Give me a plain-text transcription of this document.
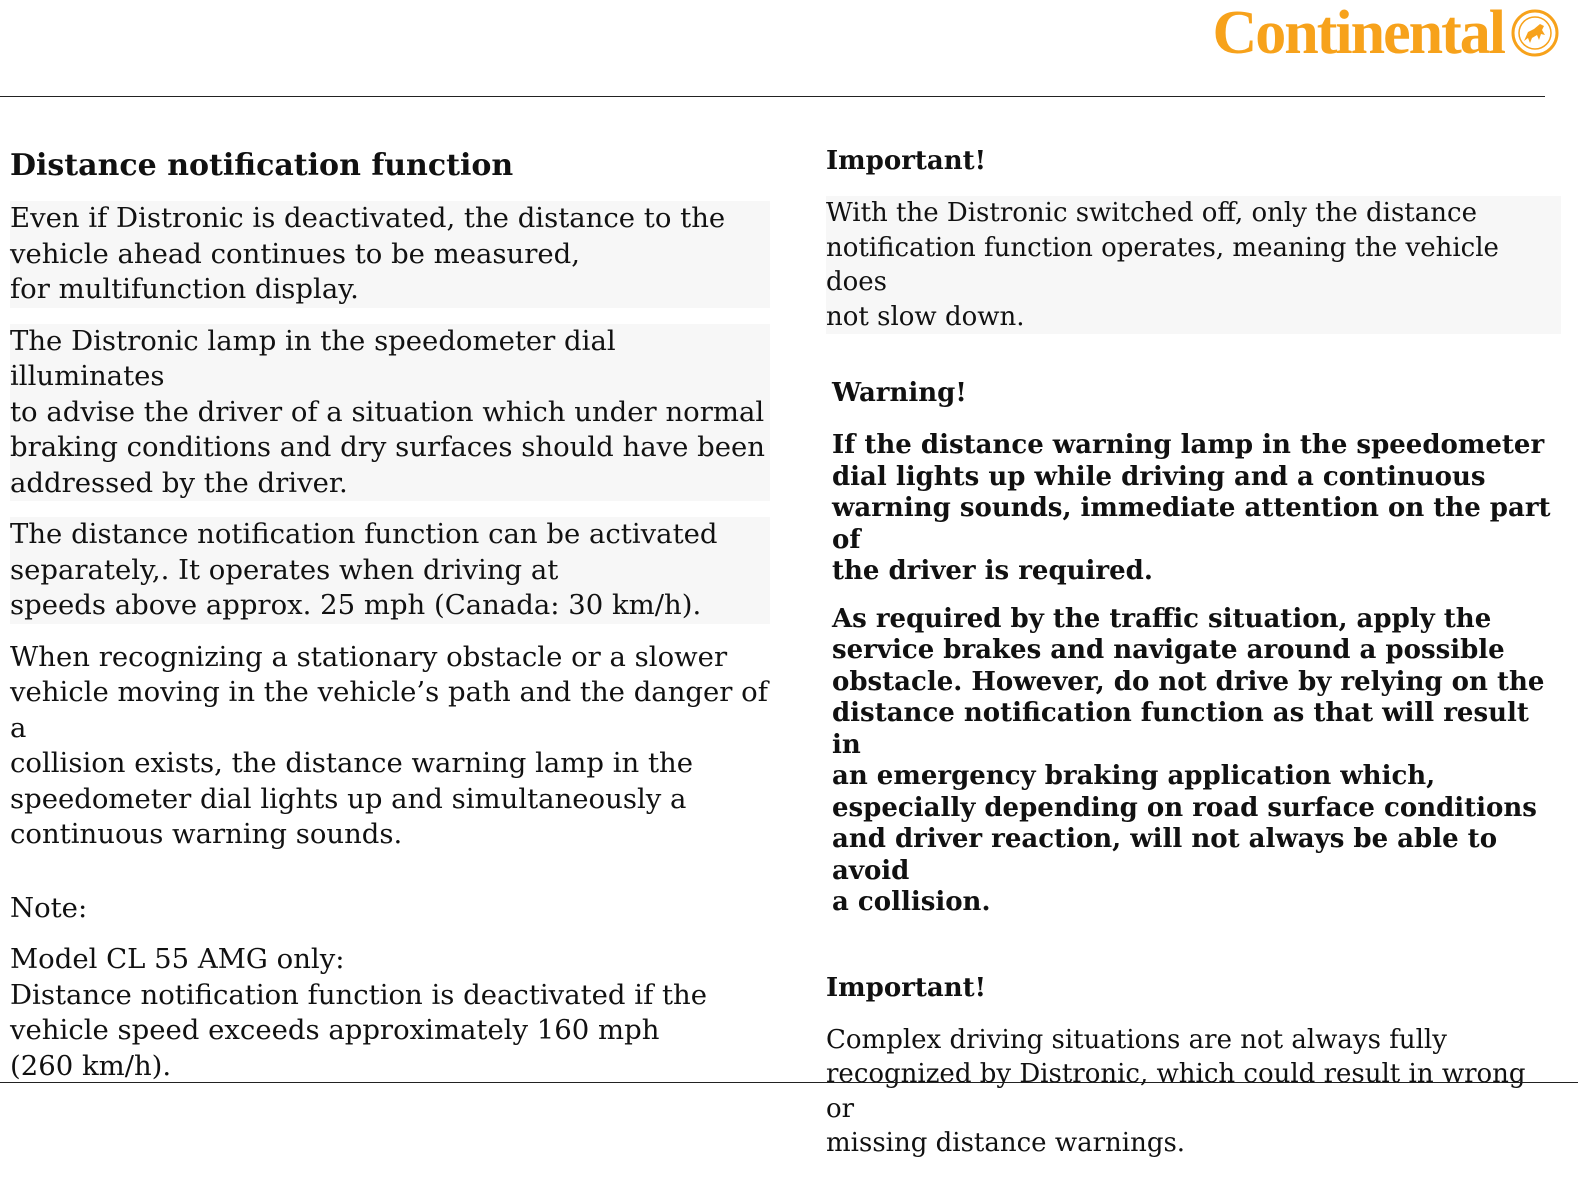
Continental
Distance notification function
Even if Distronic is deactivated, the distance to the
vehicle ahead continues to be measured,
for multifunction display.
The Distronic lamp in the speedometer dial illuminates
to advise the driver of a situation which under normal
braking conditions and dry surfaces should have been
addressed by the driver.
The distance notification function can be activated
separately,. It operates when driving at
speeds above approx. 25 mph (Canada: 30 km/h).
When recognizing a stationary obstacle or a slower
vehicle moving in the vehicle’s path and the danger of a
collision exists, the distance warning lamp in the
speedometer dial lights up and simultaneously a
continuous warning sounds.
Note:
Model CL 55 AMG only:
Distance notification function is deactivated if the
vehicle speed exceeds approximately 160 mph
(260 km/h).
Important!
With the Distronic switched off, only the distance
notification function operates, meaning the vehicle does
not slow down.
Warning!
If the distance warning lamp in the speedometer
dial lights up while driving and a continuous
warning sounds, immediate attention on the part of
the driver is required.
As required by the traffic situation, apply the
service brakes and navigate around a possible
obstacle. However, do not drive by relying on the
distance notification function as that will result in
an emergency braking application which,
especially depending on road surface conditions
and driver reaction, will not always be able to avoid
a collision.
Important!
Complex driving situations are not always fully
recognized by Distronic, which could result in wrong or
missing distance warnings.
